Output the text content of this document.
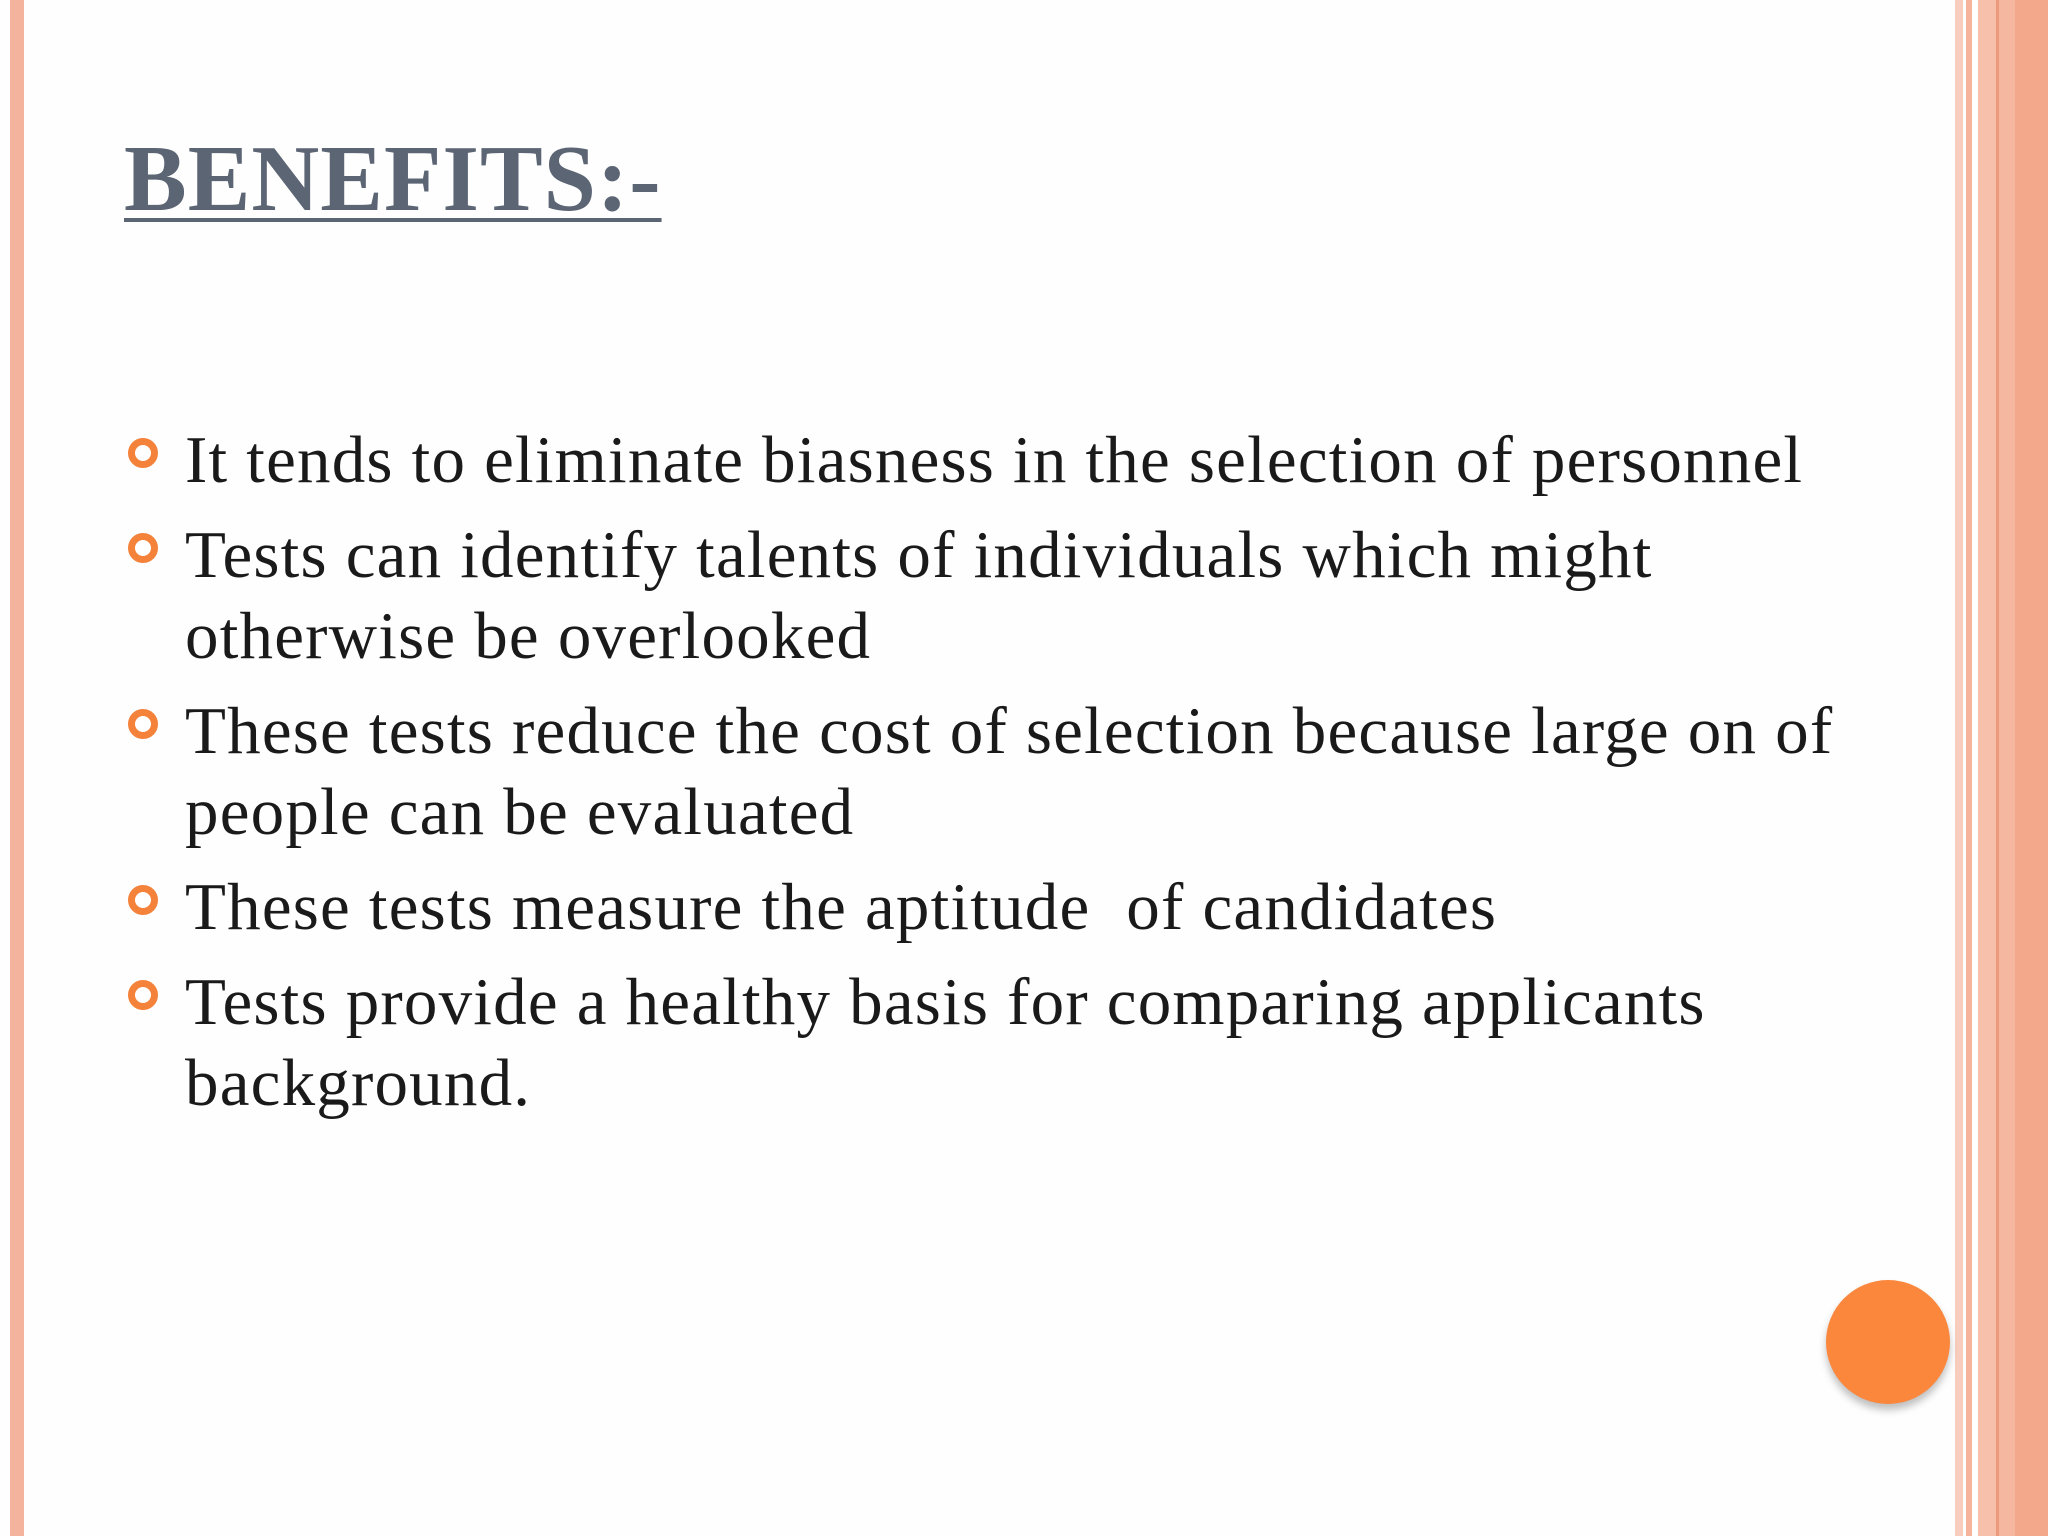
BENEFITS:-
It tends to eliminate biasness in the selection of personnel
Tests can identify talents of individuals which might otherwise be overlooked
These tests reduce the cost of selection because large on of people can be evaluated
These tests measure the aptitude  of candidates
Tests provide a healthy basis for comparing applicants background.
